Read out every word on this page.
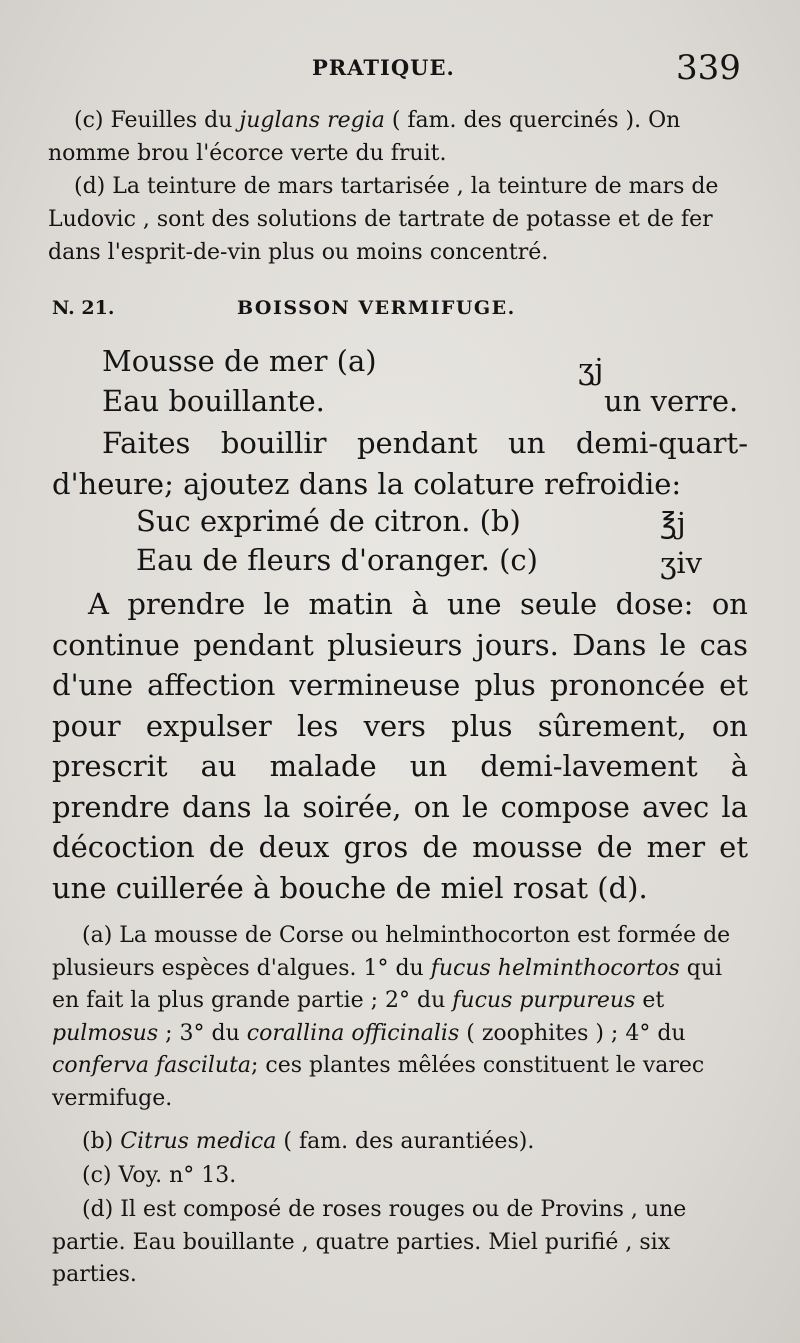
PRATIQUE.	339

(c) Feuilles du juglans regia ( fam. des quercinés ). On nomme brou l'écorce verte du fruit.

(d) La teinture de mars tartarisée , la teinture de mars de Ludovic , sont des solutions de tartrate de potasse et de fer dans l'esprit-de-vin plus ou moins concentré.

N. 21.	BOISSON VERMIFUGE.
Mousse de mer (a)	ʒj
Eau bouillante.	un verre.

Faites bouillir pendant un demi-quart-d'heure; ajoutez dans la colature refroidie:

Suc exprimé de citron. (b)	℥j
Eau de fleurs d'oranger. (c)	ʒiv

A prendre le matin à une seule dose: on continue pendant plusieurs jours. Dans le cas d'une affection vermineuse plus prononcée et pour expulser les vers plus sûrement, on prescrit au malade un demi-lavement à prendre dans la soirée, on le compose avec la décoction de deux gros de mousse de mer et une cuillerée à bouche de miel rosat (d).

(a) La mousse de Corse ou helminthocorton est formée de plusieurs espèces d'algues. 1° du fucus helminthocortos qui en fait la plus grande partie ; 2° du fucus purpureus et pulmosus ; 3° du corallina officinalis ( zoophites ) ; 4° du conferva fasciluta; ces plantes mêlées constituent le varec vermifuge.

(b) Citrus medica ( fam. des aurantiées).

(c) Voy. n° 13.

(d) Il est composé de roses rouges ou de Provins , une partie. Eau bouillante , quatre parties. Miel purifié , six parties.
